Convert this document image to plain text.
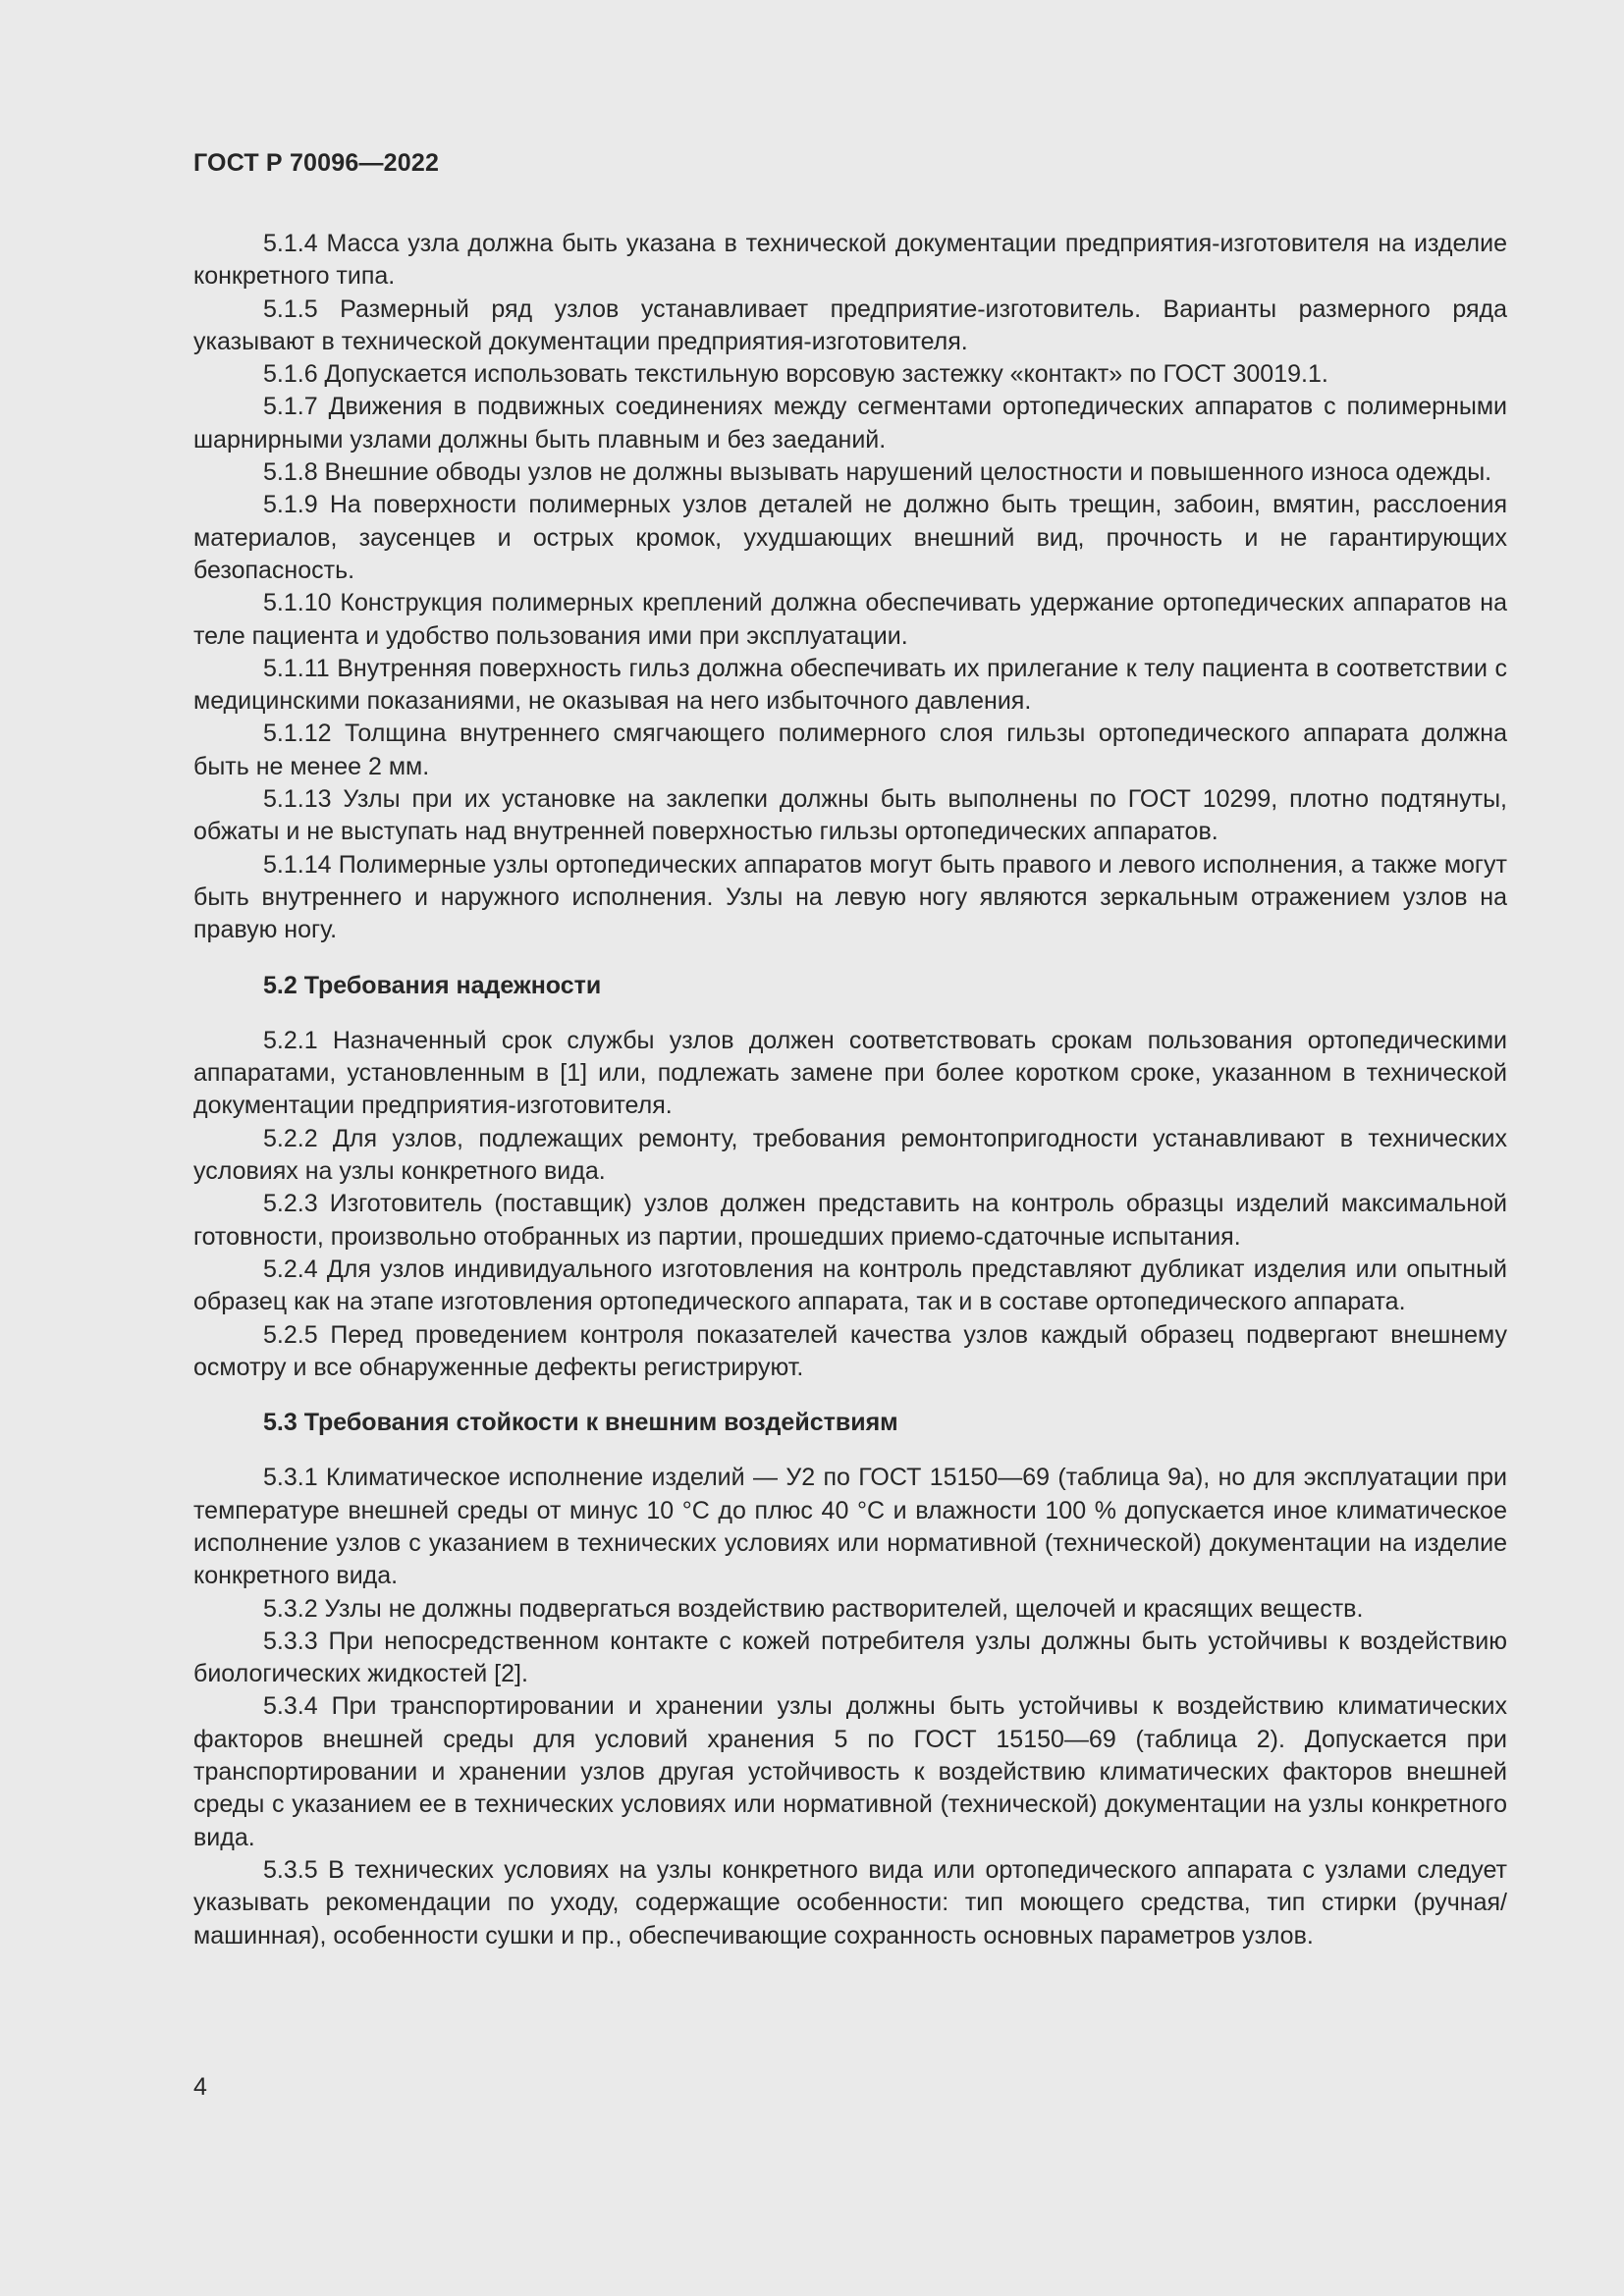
ГОСТ Р 70096—2022

5.1.4 Масса узла должна быть указана в технической документации предприятия-изготовителя на изделие конкретного типа.

5.1.5 Размерный ряд узлов устанавливает предприятие-изготовитель. Варианты размерного ряда указывают в технической документации предприятия-изготовителя.

5.1.6 Допускается использовать текстильную ворсовую застежку «контакт» по ГОСТ 30019.1.

5.1.7 Движения в подвижных соединениях между сегментами ортопедических аппаратов с полимерными шарнирными узлами должны быть плавным и без заеданий.

5.1.8 Внешние обводы узлов не должны вызывать нарушений целостности и повышенного износа одежды.

5.1.9 На поверхности полимерных узлов деталей не должно быть трещин, забоин, вмятин, расслоения материалов, заусенцев и острых кромок, ухудшающих внешний вид, прочность и не гарантирующих безопасность.

5.1.10 Конструкция полимерных креплений должна обеспечивать удержание ортопедических аппаратов на теле пациента и удобство пользования ими при эксплуатации.

5.1.11 Внутренняя поверхность гильз должна обеспечивать их прилегание к телу пациента в соответствии с медицинскими показаниями, не оказывая на него избыточного давления.

5.1.12 Толщина внутреннего смягчающего полимерного слоя гильзы ортопедического аппарата должна быть не менее 2 мм.

5.1.13 Узлы при их установке на заклепки должны быть выполнены по ГОСТ 10299, плотно подтянуты, обжаты и не выступать над внутренней поверхностью гильзы ортопедических аппаратов.

5.1.14 Полимерные узлы ортопедических аппаратов могут быть правого и левого исполнения, а также могут быть внутреннего и наружного исполнения. Узлы на левую ногу являются зеркальным отражением узлов на правую ногу.

5.2 Требования надежности

5.2.1 Назначенный срок службы узлов должен соответствовать срокам пользования ортопедическими аппаратами, установленным в [1] или, подлежать замене при более коротком сроке, указанном в технической документации предприятия-изготовителя.

5.2.2 Для узлов, подлежащих ремонту, требования ремонтопригодности устанавливают в технических условиях на узлы конкретного вида.

5.2.3 Изготовитель (поставщик) узлов должен представить на контроль образцы изделий максимальной готовности, произвольно отобранных из партии, прошедших приемо-сдаточные испытания.

5.2.4 Для узлов индивидуального изготовления на контроль представляют дубликат изделия или опытный образец как на этапе изготовления ортопедического аппарата, так и в составе ортопедического аппарата.

5.2.5 Перед проведением контроля показателей качества узлов каждый образец подвергают внешнему осмотру и все обнаруженные дефекты регистрируют.

5.3 Требования стойкости к внешним воздействиям

5.3.1 Климатическое исполнение изделий — У2 по ГОСТ 15150—69 (таблица 9а), но для эксплуатации при температуре внешней среды от минус 10 °С до плюс 40 °С и влажности 100 % допускается иное климатическое исполнение узлов с указанием в технических условиях или нормативной (технической) документации на изделие конкретного вида.

5.3.2 Узлы не должны подвергаться воздействию растворителей, щелочей и красящих веществ.

5.3.3 При непосредственном контакте с кожей потребителя узлы должны быть устойчивы к воздействию биологических жидкостей [2].

5.3.4 При транспортировании и хранении узлы должны быть устойчивы к воздействию климатических факторов внешней среды для условий хранения 5 по ГОСТ 15150—69 (таблица 2). Допускается при транспортировании и хранении узлов другая устойчивость к воздействию климатических факторов внешней среды с указанием ее в технических условиях или нормативной (технической) документации на узлы конкретного вида.

5.3.5 В технических условиях на узлы конкретного вида или ортопедического аппарата с узлами следует указывать рекомендации по уходу, содержащие особенности: тип моющего средства, тип стирки (ручная/машинная), особенности сушки и пр., обеспечивающие сохранность основных параметров узлов.

4
